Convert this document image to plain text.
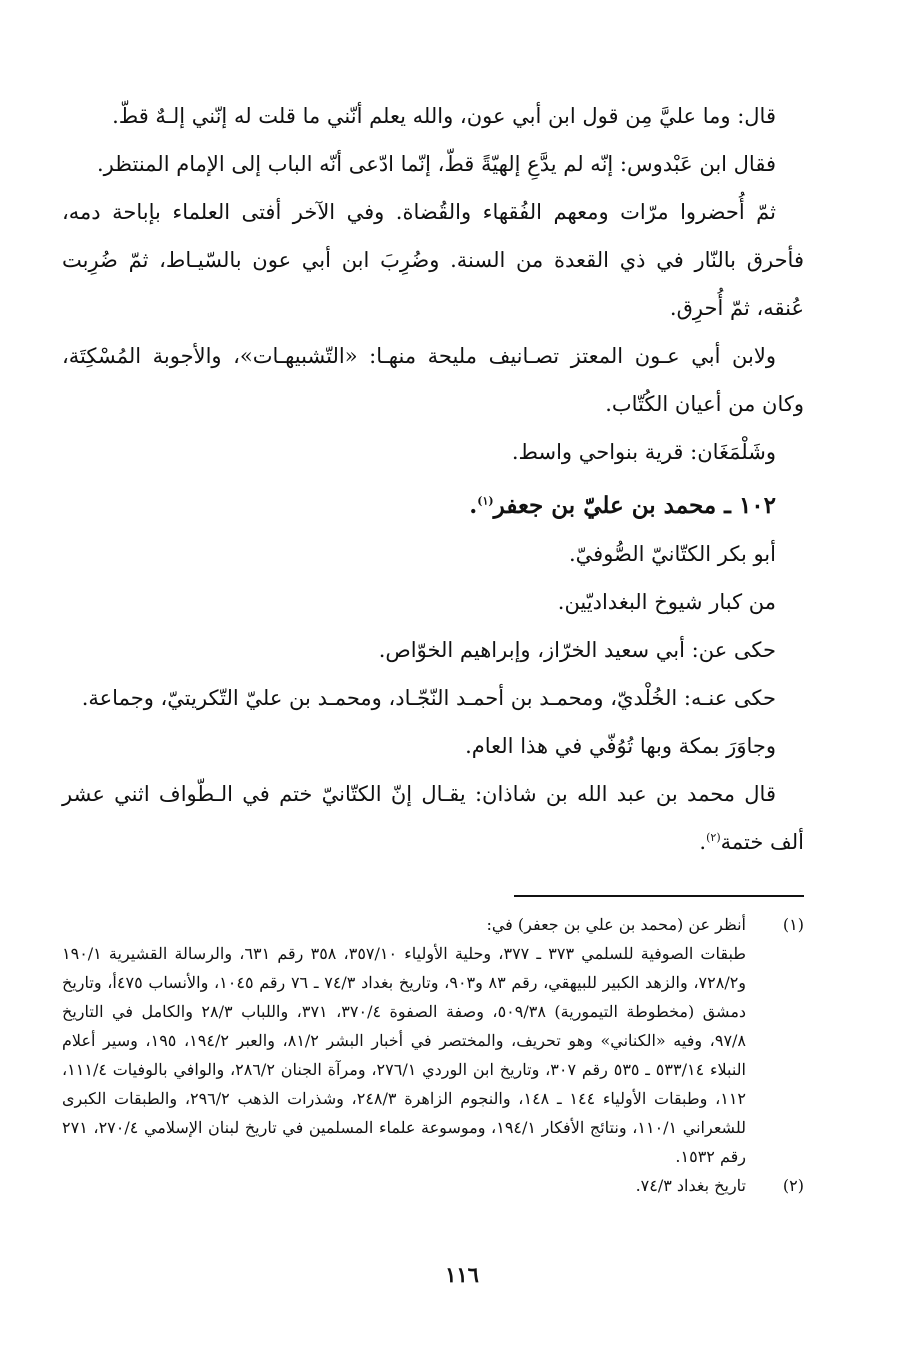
قال: وما عليَّ مِن قول ابن أبي عون، والله يعلم أنّني ما قلت له إنّني إلـهٌ قطّ.

فقال ابن عَبْدوس: إنّه لم يدَّعِ إلهيّةً قطّ، إنّما ادّعى أنّه الباب إلى الإمام المنتظر.

ثمّ أُحضروا مرّات ومعهم الفُقهاء والقُضاة. وفي الآخر أفتى العلماء بإباحة دمه، فأحرق بالنّار في ذي القعدة من السنة. وضُرِبَ ابن أبي عون بالسّيـاط، ثمّ ضُرِبت عُنقه، ثمّ أُحرِق.

ولابن أبي عـون المعتز تصـانيف مليحة منهـا: «التّشبيهـات»، والأجوبة المُسْكِتَة، وكان من أعيان الكُتّاب.

وشَلْمَغَان: قرية بنواحي واسط.

١٠٢ ـ محمد بن عليّ بن جعفر$^{(١)}$.

أبو بكر الكتّانيّ الصُّوفيّ.

من كبار شيوخ البغداديّين.

حكى عن: أبي سعيد الخرّاز، وإبراهيم الخوّاص.

حكى عنـه: الخُلْديّ، ومحمـد بن أحمـد النّجّـاد، ومحمـد بن عليّ التّكريتيّ، وجماعة.

وجاوَرَ بمكة وبها تُوُفّي في هذا العام.

قال محمد بن عبد الله بن شاذان: يقـال إنّ الكتّانيّ ختم في الـطّواف اثني عشر ألف ختمة$^{(٢)}$.

(١)

أنظر عن (محمد بن علي بن جعفر) في:

طبقات الصوفية للسلمي ٣٧٣ ـ ٣٧٧، وحلية الأولياء ٣٥٧/١٠، ٣٥٨ رقم ٦٣١، والرسالة القشيرية ١٩٠/١ و٧٢٨/٢، والزهد الكبير للبيهقي، رقم ٨٣ و٩٠٣، وتاريخ بغداد ٧٤/٣ ـ ٧٦ رقم ١٠٤٥، والأنساب ٤٧٥أ، وتاريخ دمشق (مخطوطة التيمورية) ٥٠٩/٣٨، وصفة الصفوة ٣٧٠/٤، ٣٧١، واللباب ٢٨/٣ والكامل في التاريخ ٩٧/٨، وفيه «الكناني» وهو تحريف، والمختصر في أخبار البشر ٨١/٢، والعبر ١٩٤/٢، ١٩٥، وسير أعلام النبلاء ٥٣٣/١٤ ـ ٥٣٥ رقم ٣٠٧، وتاريخ ابن الوردي ٢٧٦/١، ومرآة الجنان ٢٨٦/٢، والوافي بالوفيات ١١١/٤، ١١٢، وطبقات الأولياء ١٤٤ ـ ١٤٨، والنجوم الزاهرة ٢٤٨/٣، وشذرات الذهب ٢٩٦/٢، والطبقات الكبرى للشعراني ١١٠/١، ونتائج الأفكار ١٩٤/١، وموسوعة علماء المسلمين في تاريخ لبنان الإسلامي ٢٧٠/٤، ٢٧١ رقم ١٥٣٢.

(٢)

تاريخ بغداد ٧٤/٣.

١١٦
